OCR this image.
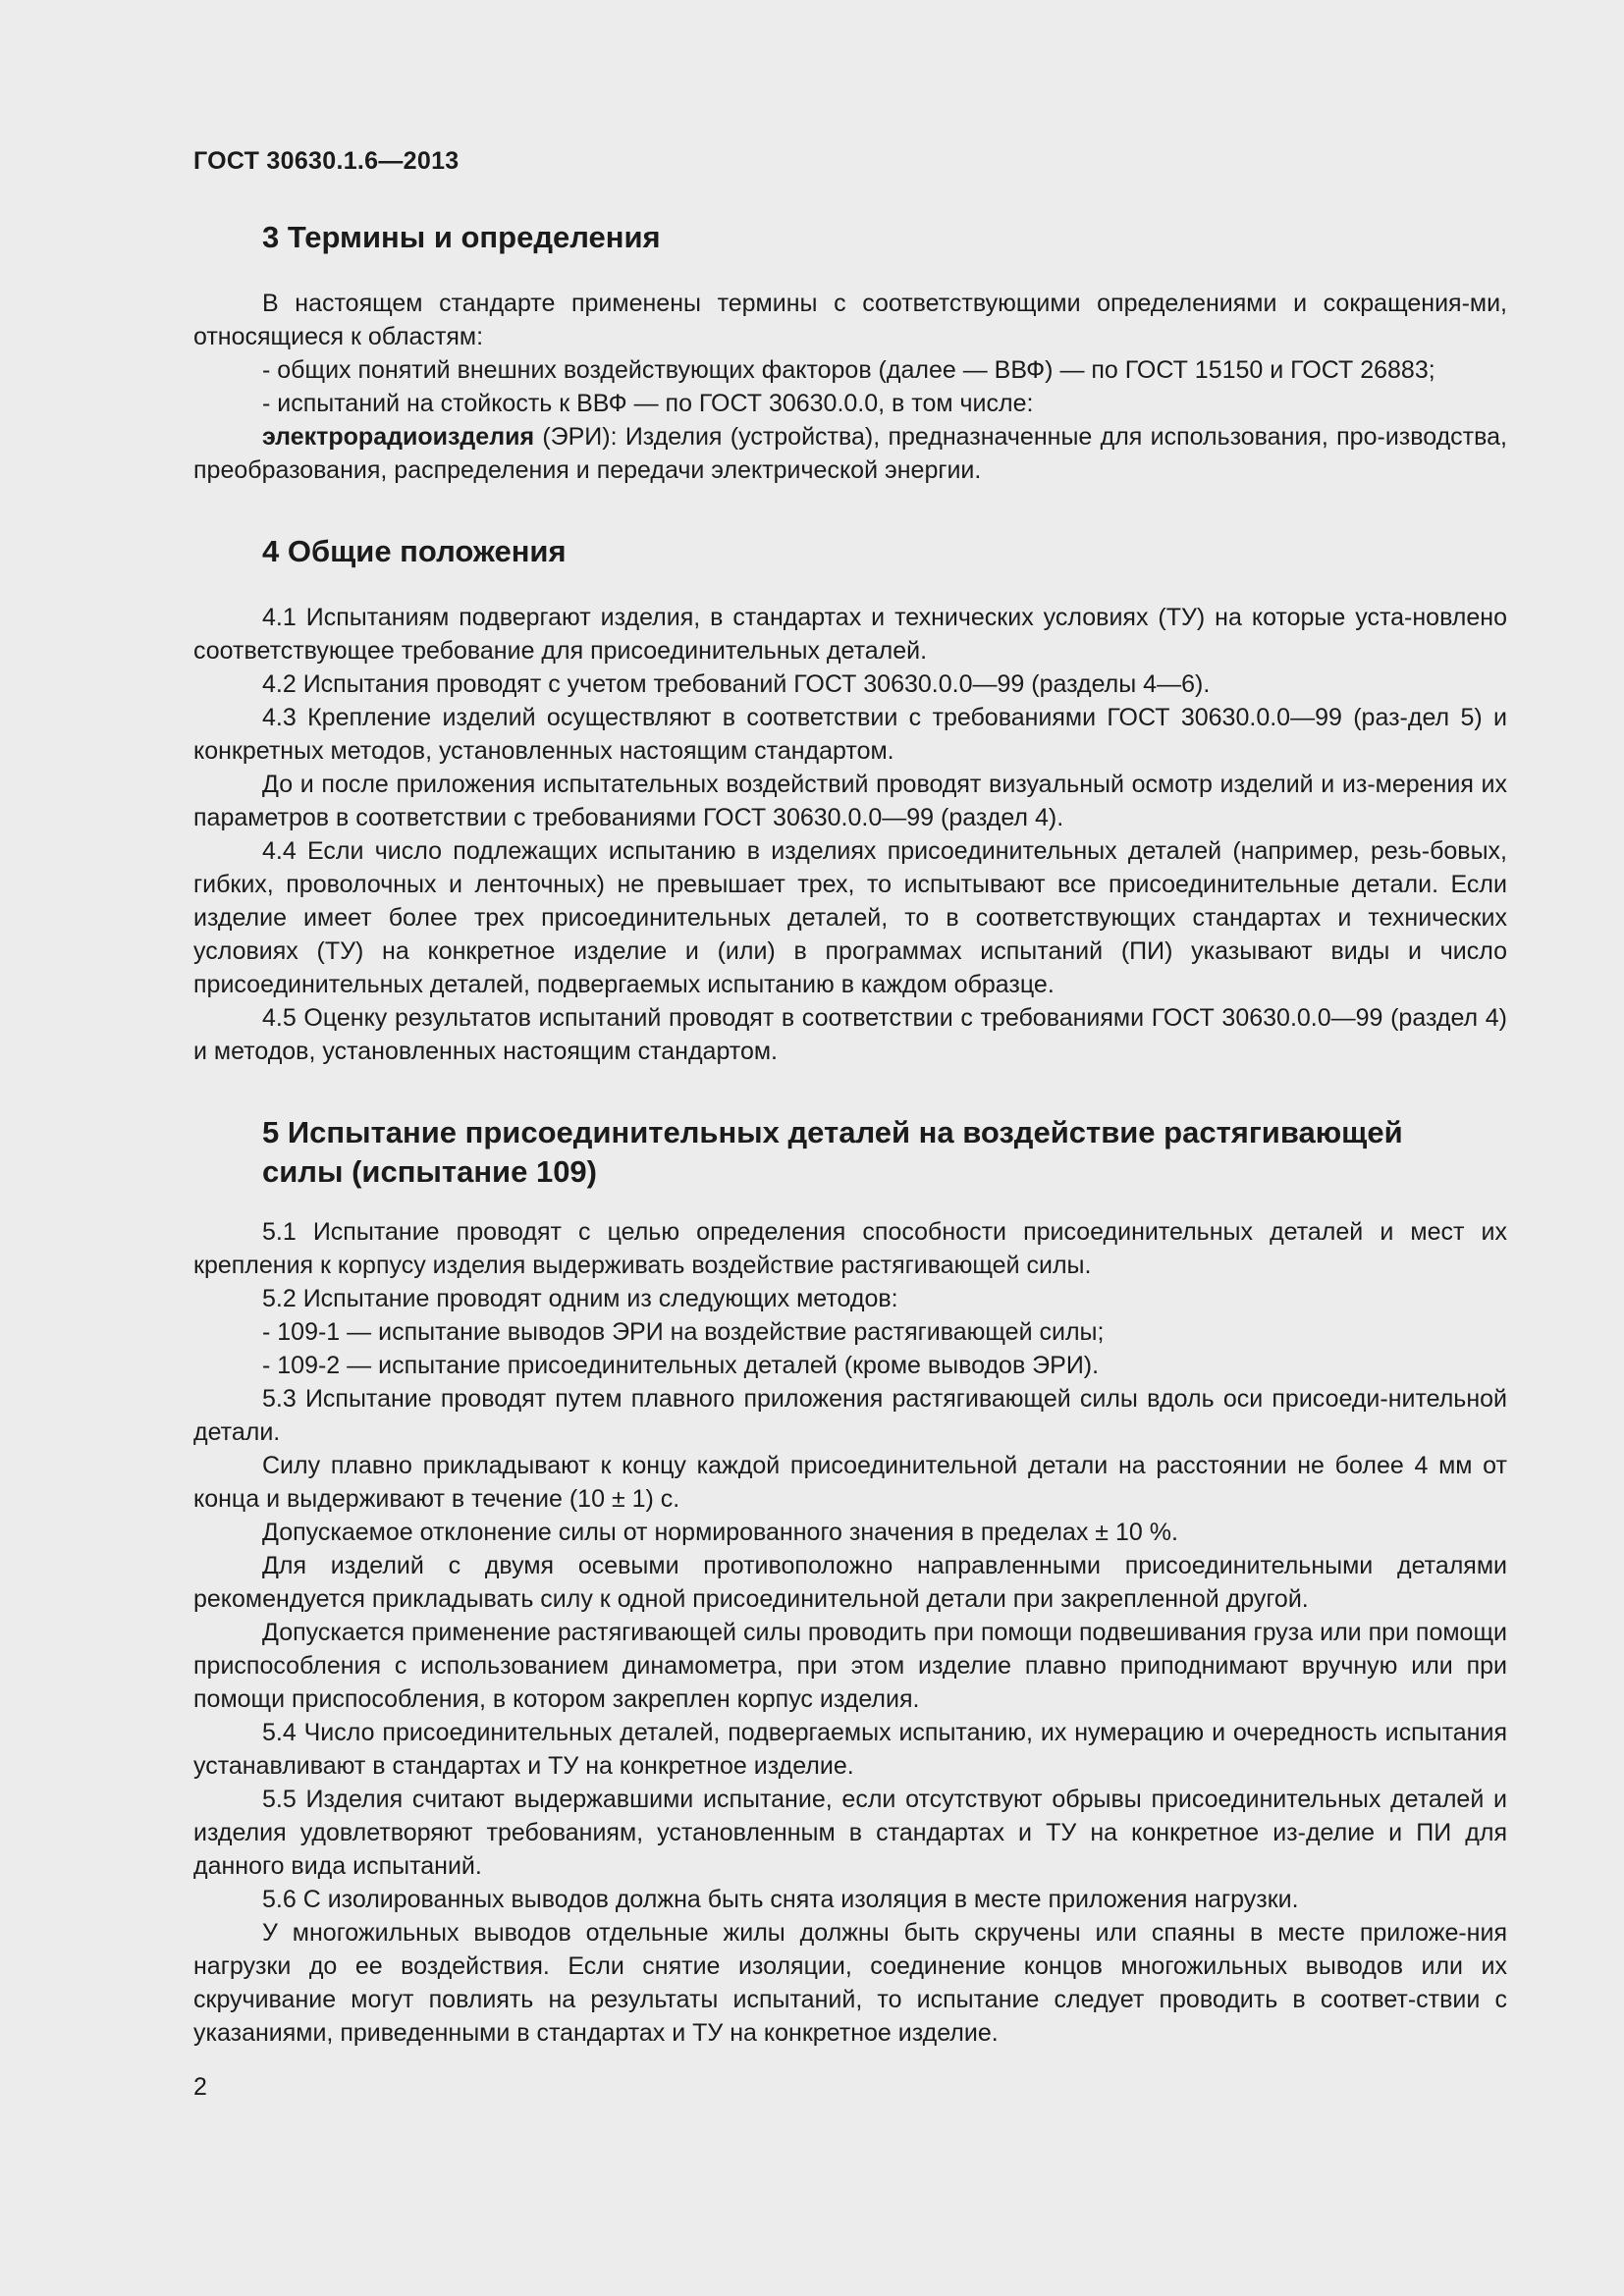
ГОСТ 30630.1.6—2013
3 Термины и определения

В настоящем стандарте применены термины с соответствующими определениями и сокращения-ми, относящиеся к областям:

- общих понятий внешних воздействующих факторов (далее — ВВФ) — по ГОСТ 15150 и ГОСТ 26883;

- испытаний на стойкость к ВВФ — по ГОСТ 30630.0.0, в том числе:

электрорадиоизделия (ЭРИ): Изделия (устройства), предназначенные для использования, про-изводства, преобразования, распределения и передачи электрической энергии.

4 Общие положения

4.1 Испытаниям подвергают изделия, в стандартах и технических условиях (ТУ) на которые уста-новлено соответствующее требование для присоединительных деталей.

4.2 Испытания проводят с учетом требований ГОСТ 30630.0.0—99 (разделы 4—6).

4.3 Крепление изделий осуществляют в соответствии с требованиями ГОСТ 30630.0.0—99 (раз-дел 5) и конкретных методов, установленных настоящим стандартом.

До и после приложения испытательных воздействий проводят визуальный осмотр изделий и из-мерения их параметров в соответствии с требованиями ГОСТ 30630.0.0—99 (раздел 4).

4.4 Если число подлежащих испытанию в изделиях присоединительных деталей (например, резь-бовых, гибких, проволочных и ленточных) не превышает трех, то испытывают все присоединительные детали. Если изделие имеет более трех присоединительных деталей, то в соответствующих стандартах и технических условиях (ТУ) на конкретное изделие и (или) в программах испытаний (ПИ) указывают виды и число присоединительных деталей, подвергаемых испытанию в каждом образце.

4.5 Оценку результатов испытаний проводят в соответствии с требованиями ГОСТ 30630.0.0—99 (раздел 4) и методов, установленных настоящим стандартом.

5 Испытание присоединительных деталей на воздействие растягивающей
силы (испытание 109)

5.1 Испытание проводят с целью определения способности присоединительных деталей и мест их крепления к корпусу изделия выдерживать воздействие растягивающей силы.

5.2 Испытание проводят одним из следующих методов:

- 109-1 — испытание выводов ЭРИ на воздействие растягивающей силы;

- 109-2 — испытание присоединительных деталей (кроме выводов ЭРИ).

5.3 Испытание проводят путем плавного приложения растягивающей силы вдоль оси присоеди-нительной детали.

Силу плавно прикладывают к концу каждой присоединительной детали на расстоянии не более 4 мм от конца и выдерживают в течение (10 ± 1) с.

Допускаемое отклонение силы от нормированного значения в пределах ± 10 %.

Для изделий с двумя осевыми противоположно направленными присоединительными деталями рекомендуется прикладывать силу к одной присоединительной детали при закрепленной другой.

Допускается применение растягивающей силы проводить при помощи подвешивания груза или при помощи приспособления с использованием динамометра, при этом изделие плавно приподнимают вручную или при помощи приспособления, в котором закреплен корпус изделия.

5.4 Число присоединительных деталей, подвергаемых испытанию, их нумерацию и очередность испытания устанавливают в стандартах и ТУ на конкретное изделие.

5.5 Изделия считают выдержавшими испытание, если отсутствуют обрывы присоединительных деталей и изделия удовлетворяют требованиям, установленным в стандартах и ТУ на конкретное из-делие и ПИ для данного вида испытаний.

5.6 С изолированных выводов должна быть снята изоляция в месте приложения нагрузки.

У многожильных выводов отдельные жилы должны быть скручены или спаяны в месте приложе-ния нагрузки до ее воздействия. Если снятие изоляции, соединение концов многожильных выводов или их скручивание могут повлиять на результаты испытаний, то испытание следует проводить в соответ-ствии с указаниями, приведенными в стандартах и ТУ на конкретное изделие.

2
